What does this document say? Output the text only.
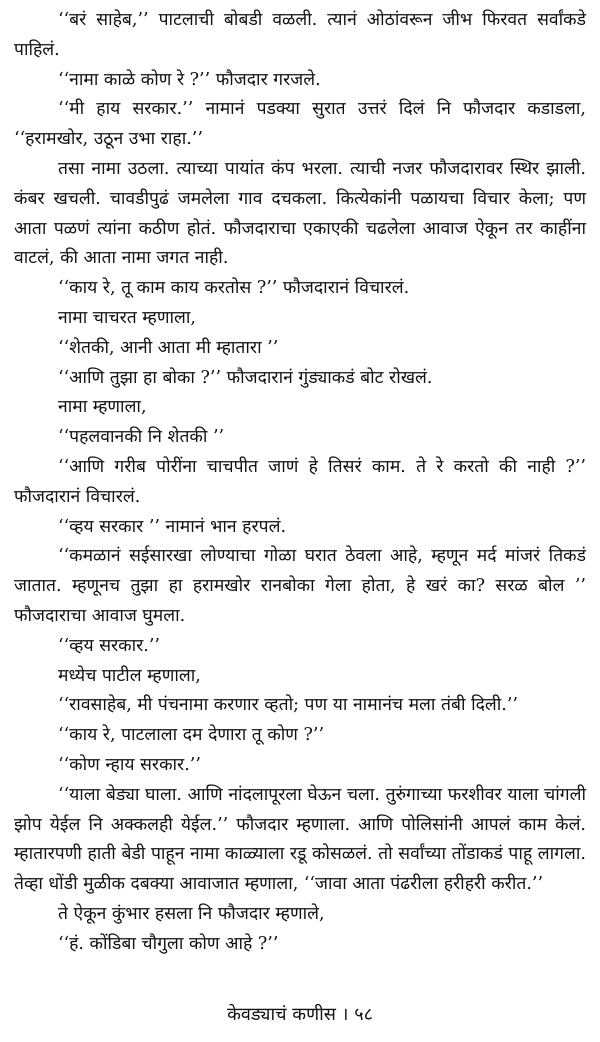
‘‘बरं साहेब,’’ पाटलाची बोबडी वळली. त्यानं ओठांवरून जीभ फिरवत सर्वांकडे पाहिलं.

‘‘नामा काळे कोण रे ?’’ फौजदार गरजले.

‘‘मी हाय सरकार.’’ नामानं पडक्या सुरात उत्तरं दिलं नि फौजदार कडाडला, ‘‘हरामखोर, उठून उभा राहा.’’

तसा नामा उठला. त्याच्या पायांत कंप भरला. त्याची नजर फौजदारावर स्थिर झाली. कंबर खचली. चावडीपुढं जमलेला गाव दचकला. कित्येकांनी पळायचा विचार केला; पण आता पळणं त्यांना कठीण होतं. फौजदाराचा एकाएकी चढलेला आवाज ऐकून तर काहींना वाटलं, की आता नामा जगत नाही.

‘‘काय रे, तू काम काय करतोस ?’’ फौजदारानं विचारलं.

नामा चाचरत म्हणाला,

‘‘शेतकी, आनी आता मी म्हातारा ’’

‘‘आणि तुझा हा बोका ?’’ फौजदारानं गुंड्याकडं बोट रोखलं.

नामा म्हणाला,

‘‘पहलवानकी नि शेतकी ’’

‘‘आणि गरीब पोरींना चाचपीत जाणं हे तिसरं काम. ते रे करतो की नाही ?’’ फौजदारानं विचारलं.

‘‘व्हय सरकार ’’ नामानं भान हरपलं.

‘‘कमळानं सईसारखा लोण्याचा गोळा घरात ठेवला आहे, म्हणून मर्द मांजरं तिकडं जातात. म्हणूनच तुझा हा हरामखोर रानबोका गेला होता, हे खरं का? सरळ बोल ’’ फौजदाराचा आवाज घुमला.

‘‘व्हय सरकार.’’

मध्येच पाटील म्हणाला,

‘‘रावसाहेब, मी पंचनामा करणार व्हतो; पण या नामानंच मला तंबी दिली.’’

‘‘काय रे, पाटलाला दम देणारा तू कोण ?’’

‘‘कोण न्हाय सरकार.’’

‘‘याला बेड्या घाला. आणि नांदलापूरला घेऊन चला. तुरुंगाच्या फरशीवर याला चांगली झोप येईल नि अक्कलही येईल.’’ फौजदार म्हणाला. आणि पोलिसांनी आपलं काम केलं. म्हातारपणी हाती बेडी पाहून नामा काळ्याला रडू कोसळलं. तो सर्वांच्या तोंडाकडं पाहू लागला. तेव्हा धोंडी मुळीक दबक्या आवाजात म्हणाला, ‘‘जावा आता पंढरीला हरीहरी करीत.’’

ते ऐकून कुंभार हसला नि फौजदार म्हणाले,

‘‘हं. कोंडिबा चौगुला कोण आहे ?’’

केवड्याचं कणीस । ५८
